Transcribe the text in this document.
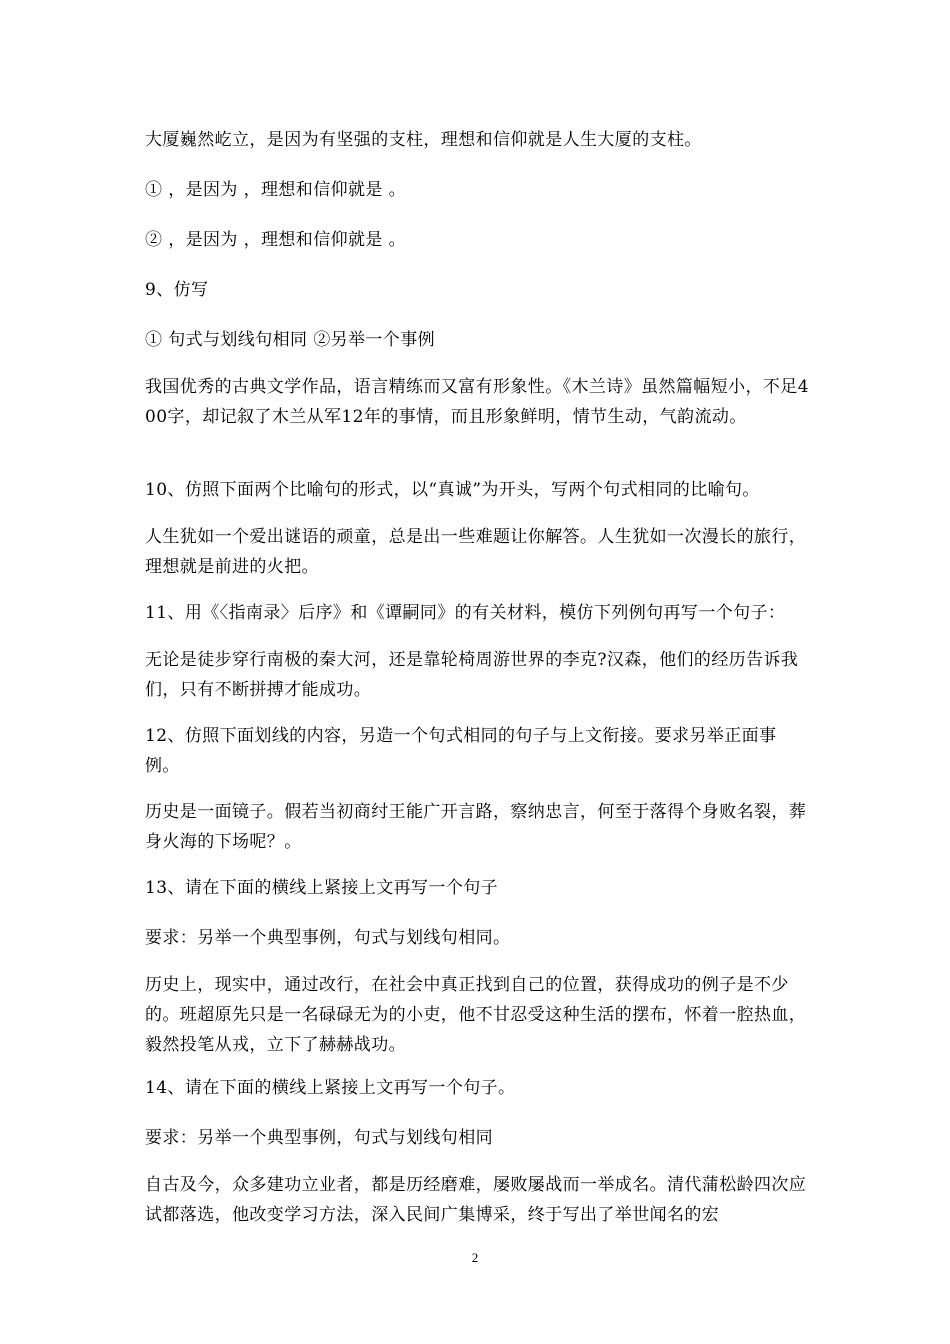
大厦巍然屹立，是因为有坚强的支柱，理想和信仰就是人生大厦的支柱。

① ，是因为 ，理想和信仰就是 。

② ，是因为 ，理想和信仰就是 。

9、仿写

① 句式与划线句相同 ②另举一个事例

我国优秀的古典文学作品，语言精练而又富有形象性。《木兰诗》虽然篇幅短小，不足400字，却记叙了木兰从军12年的事情，而且形象鲜明，情节生动，气韵流动。

10、仿照下面两个比喻句的形式，以“真诚”为开头，写两个句式相同的比喻句。

人生犹如一个爱出谜语的顽童，总是出一些难题让你解答。人生犹如一次漫长的旅行，理想就是前进的火把。

11、用《〈指南录〉后序》和《谭嗣同》的有关材料，模仿下列例句再写一个句子：

无论是徒步穿行南极的秦大河，还是靠轮椅周游世界的李克?汉森，他们的经历告诉我们，只有不断拼搏才能成功。

12、仿照下面划线的内容，另造一个句式相同的句子与上文衔接。要求另举正面事例。

历史是一面镜子。假若当初商纣王能广开言路，察纳忠言，何至于落得个身败名裂，葬身火海的下场呢？。

13、请在下面的横线上紧接上文再写一个句子

要求：另举一个典型事例，句式与划线句相同。

历史上，现实中，通过改行，在社会中真正找到自己的位置，获得成功的例子是不少的。班超原先只是一名碌碌无为的小吏，他不甘忍受这种生活的摆布，怀着一腔热血，毅然投笔从戎，立下了赫赫战功。

14、请在下面的横线上紧接上文再写一个句子。

要求：另举一个典型事例，句式与划线句相同

自古及今，众多建功立业者，都是历经磨难，屡败屡战而一举成名。清代蒲松龄四次应试都落选，他改变学习方法，深入民间广集博采，终于写出了举世闻名的宏

2
